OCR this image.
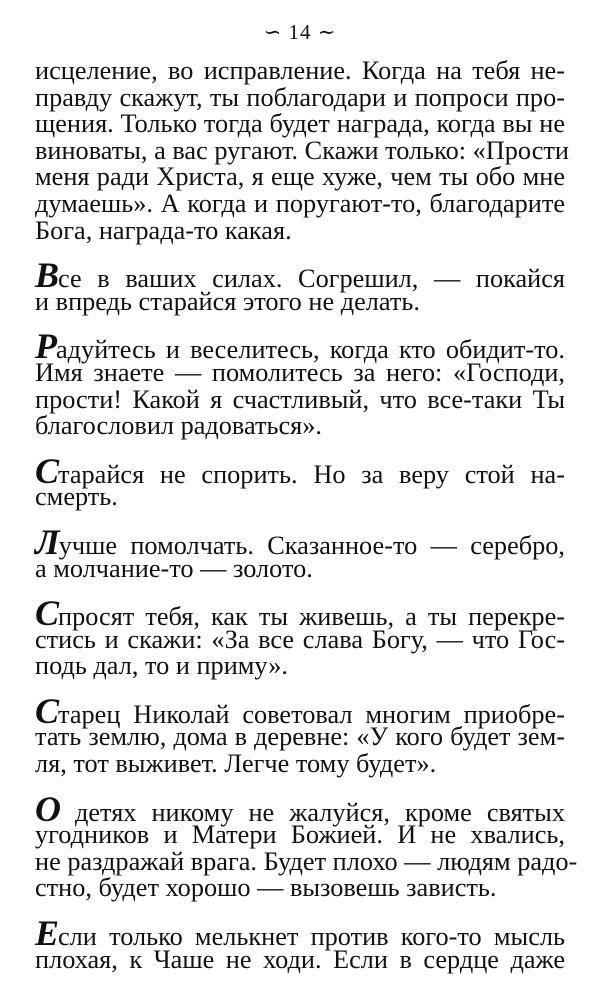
∽ 14 ∼
исцеление, во исправление. Когда на тебя не-
правду скажут, ты поблагодари и попроси про-
щения. Только тогда будет награда, когда вы не
виноваты, а вас ругают. Скажи только: «Прости
меня ради Христа, я еще хуже, чем ты обо мне
думаешь». А когда и поругают-то, благодарите
Бога, награда-то какая.
Все в ваших силах. Согрешил, — покайся
и впредь старайся этого не делать.
Радуйтесь и веселитесь, когда кто обидит-то.
Имя знаете — помолитесь за него: «Господи,
прости! Какой я счастливый, что все-таки Ты
благословил радоваться».
Старайся не спорить. Но за веру стой на-
смерть.
Лучше помолчать. Сказанное-то — серебро,
а молчание-то — золото.
Спросят тебя, как ты живешь, а ты перекре-
стись и скажи: «За все слава Богу, — что Гос-
подь дал, то и приму».
Старец Николай советовал многим приобре-
тать землю, дома в деревне: «У кого будет зем-
ля, тот выживет. Легче тому будет».
О детях никому не жалуйся, кроме святых
угодников и Матери Божией. И не хвались,
не раздражай врага. Будет плохо — людям радо-
стно, будет хорошо — вызовешь зависть.
Если только мелькнет против кого-то мысль
плохая, к Чаше не ходи. Если в сердце даже
